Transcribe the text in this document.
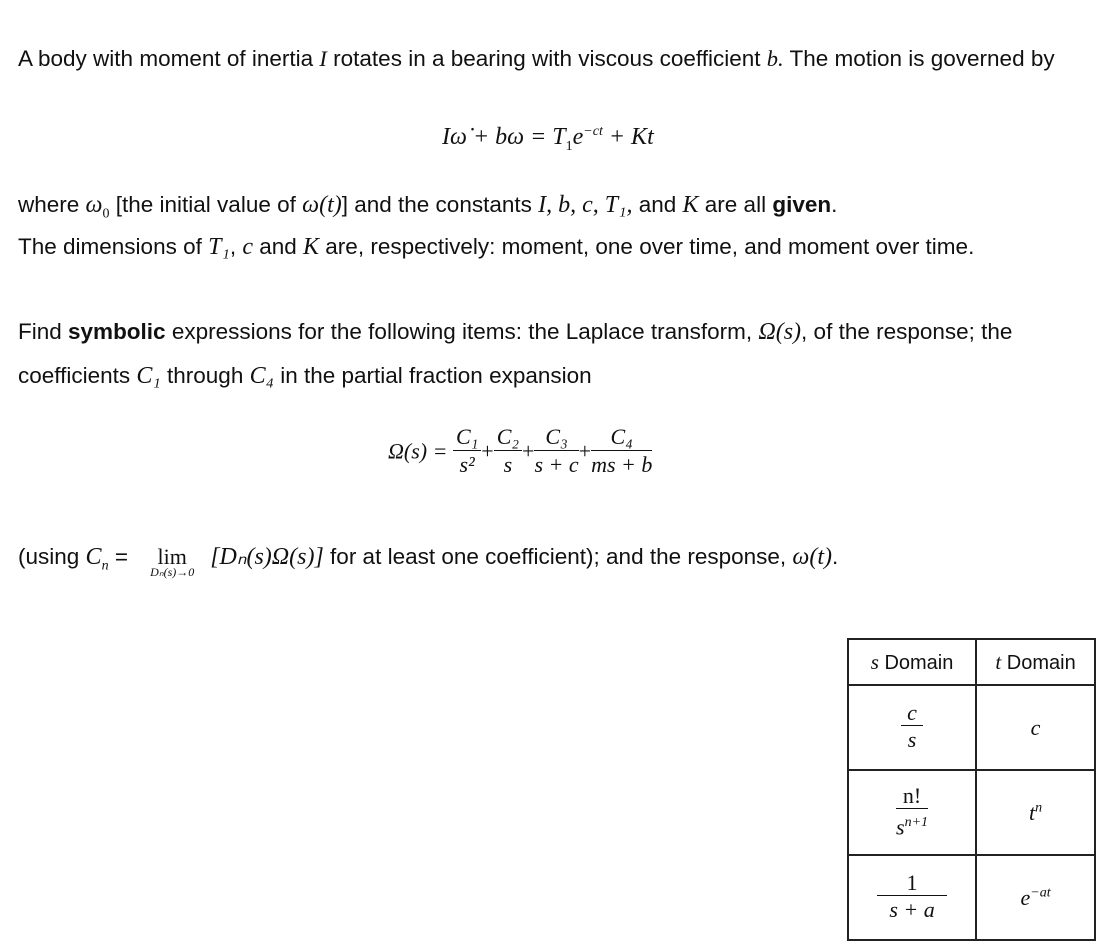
A body with moment of inertia I rotates in a bearing with viscous coefficient b. The motion is governed by
Iω̇ + $b\omega = T_1e^{-ct} + Kt$
where $\omega_0$ [the initial value of ω(t)] and the constants I, b, c, T₁, and K are all given.
The dimensions of T₁, c and K are, respectively: moment, one over time, and moment over time.
Find symbolic expressions for the following items: the Laplace transform, Ω(s), of the response; the coefficients C₁ through C₄ in the partial fraction expansion
$\Omega(s) = \frac{\text{C₁}}{\text{s²}} + \frac{\text{C₂}}{s} + \frac{\text{C₃}}{s + c} + \frac{\text{C₄}}{ms + b}$
(using $C_n = \lim$
Dₙ(s)→0
[Dₙ(s)Ω(s)] for at least one coefficient); and the response, ω(t).
s Domain	t Domain

$\frac{c}{s}$	c

$\frac{n!}{s^{n+1}}$	$t^n$

$\frac{1}{s + a}$	$e^{-at}$
